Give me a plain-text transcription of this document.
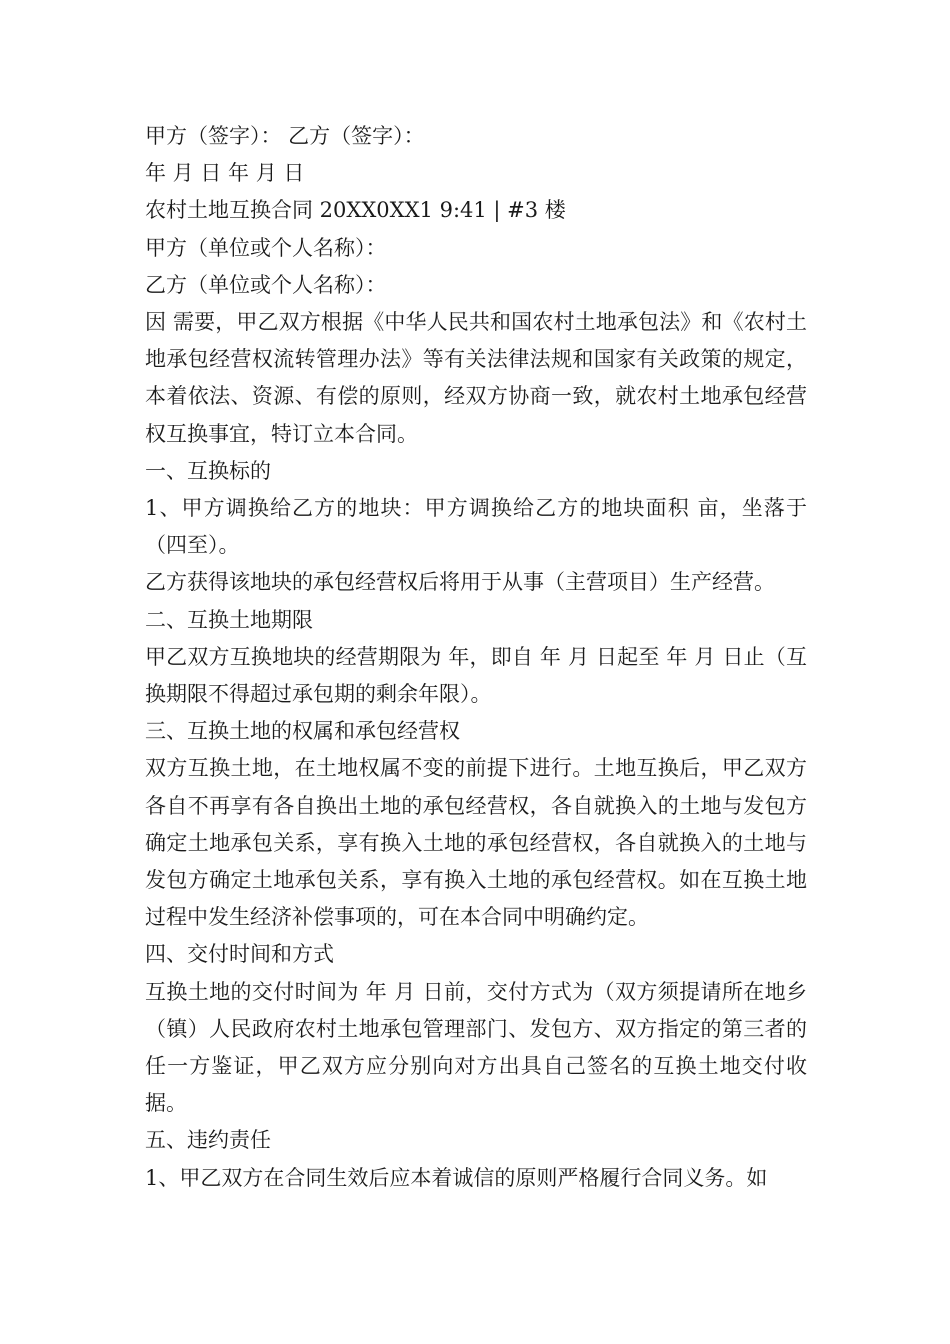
甲方（签字）： 乙方（签字）：

年 月 日 年 月 日

农村土地互换合同 20XX0XX1 9:41 | #3 楼

甲方（单位或个人名称）：

乙方（单位或个人名称）：

因 需要，甲乙双方根据《中华人民共和国农村土地承包法》和《农村土地承包经营权流转管理办法》等有关法律法规和国家有关政策的规定，本着依法、资源、有偿的原则，经双方协商一致，就农村土地承包经营权互换事宜，特订立本合同。

一、互换标的

1、甲方调换给乙方的地块：甲方调换给乙方的地块面积 亩，坐落于（四至）。

乙方获得该地块的承包经营权后将用于从事（主营项目）生产经营。

二、互换土地期限

甲乙双方互换地块的经营期限为 年，即自 年 月 日起至 年 月 日止（互换期限不得超过承包期的剩余年限）。

三、互换土地的权属和承包经营权

双方互换土地，在土地权属不变的前提下进行。土地互换后，甲乙双方各自不再享有各自换出土地的承包经营权，各自就换入的土地与发包方确定土地承包关系，享有换入土地的承包经营权，各自就换入的土地与发包方确定土地承包关系，享有换入土地的承包经营权。如在互换土地过程中发生经济补偿事项的，可在本合同中明确约定。

四、交付时间和方式

互换土地的交付时间为 年 月 日前，交付方式为（双方须提请所在地乡（镇）人民政府农村土地承包管理部门、发包方、双方指定的第三者的任一方鉴证，甲乙双方应分别向对方出具自己签名的互换土地交付收据。

五、违约责任

1、甲乙双方在合同生效后应本着诚信的原则严格履行合同义务。如
